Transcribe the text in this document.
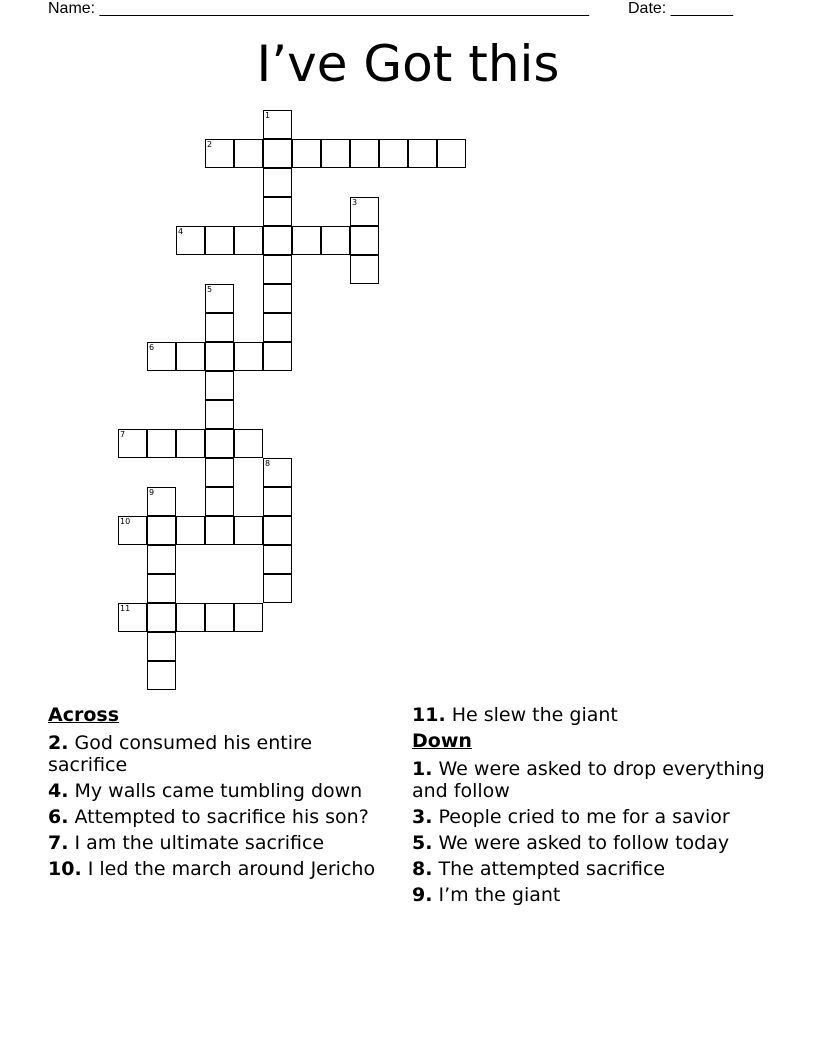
Name: _______________________________________________________ Date: _______
I’ve Got this
1
2
3
4
5
6
7
8
9
10
11
Across
2. God consumed his entire sacrifice
4. My walls came tumbling down
6. Attempted to sacrifice his son?
7. I am the ultimate sacrifice
10. I led the march around Jericho
11. He slew the giant
Down
1. We were asked to drop everything and follow
3. People cried to me for a savior
5. We were asked to follow today
8. The attempted sacrifice
9. I’m the giant
